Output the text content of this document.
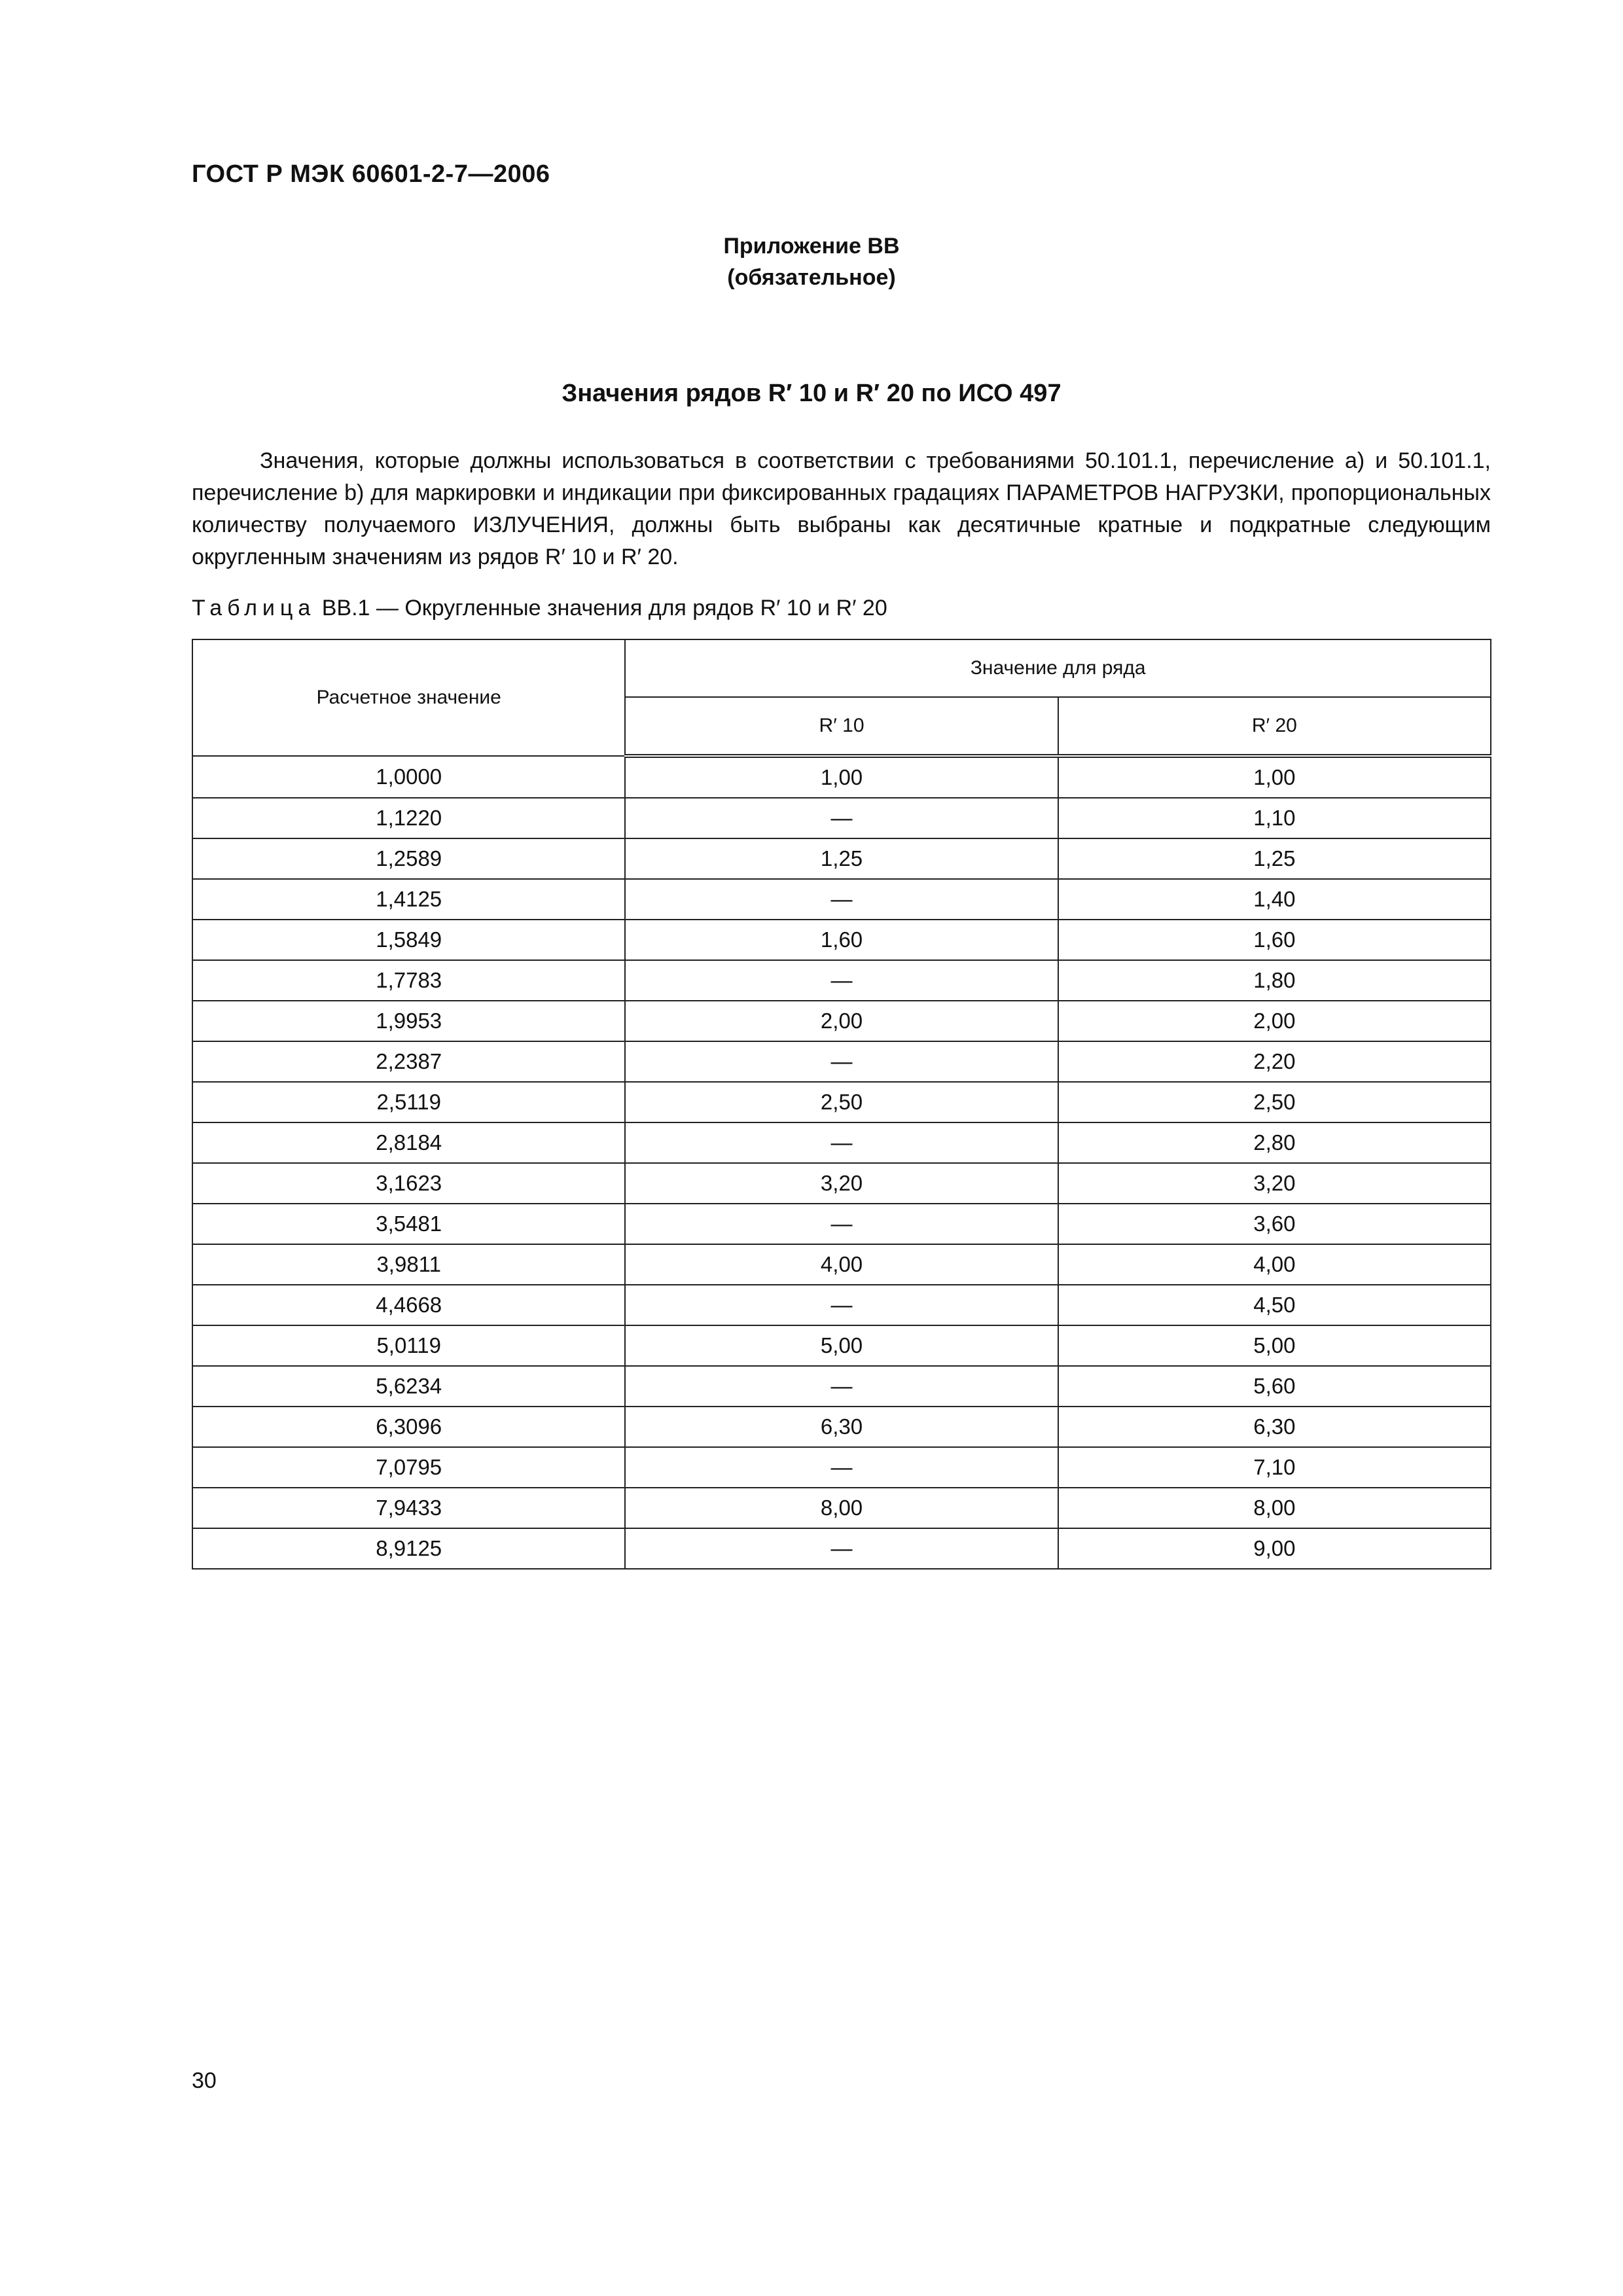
ГОСТ Р МЭК 60601-2-7—2006
Приложение ВВ
(обязательное)
Значения рядов R′ 10 и R′ 20 по ИСО 497
Значения, которые должны использоваться в соответствии с требованиями 50.101.1, перечисление а) и 50.101.1, перечисление b) для маркировки и индикации при фиксированных градациях ПАРАМЕТРОВ НАГРУЗКИ, пропорциональных количеству получаемого ИЗЛУЧЕНИЯ, должны быть выбраны как десятичные кратные и подкратные следующим округленным значениям из рядов R′ 10 и R′ 20.
Таблица ВВ.1 — Округленные значения для рядов R′ 10 и R′ 20
Расчетное значение	Значение для ряда	
	R′ 10	R′ 20
1,0000	1,00	1,00
1,1220	—	1,10
1,2589	1,25	1,25
1,4125	—	1,40
1,5849	1,60	1,60
1,7783	—	1,80
1,9953	2,00	2,00
2,2387	—	2,20
2,5119	2,50	2,50
2,8184	—	2,80
3,1623	3,20	3,20
3,5481	—	3,60
3,9811	4,00	4,00
4,4668	—	4,50
5,0119	5,00	5,00
5,6234	—	5,60
6,3096	6,30	6,30
7,0795	—	7,10
7,9433	8,00	8,00
8,9125	—	9,00
30
